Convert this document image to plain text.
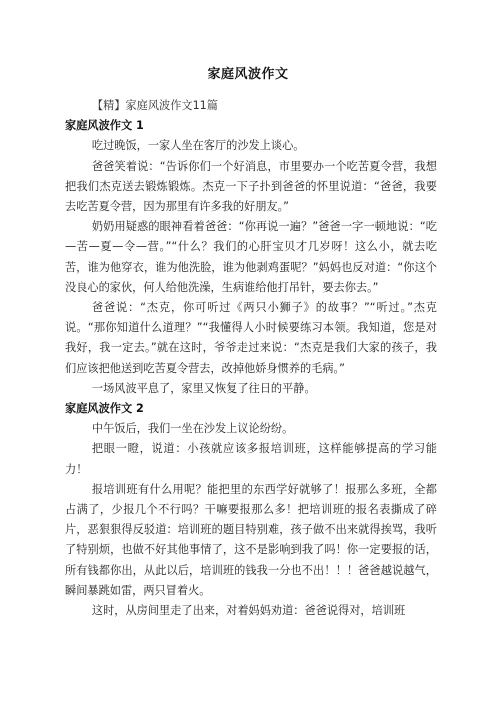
家庭风波作文

【精】家庭风波作文11篇

家庭风波作文 1

吃过晚饭，一家人坐在客厅的沙发上谈心。

爸爸笑着说：“告诉你们一个好消息，市里要办一个吃苦夏令营，我想把我们杰克送去锻炼锻炼。杰克一下子扑到爸爸的怀里说道：“爸爸，我要去吃苦夏令营，因为那里有许多我的好朋友。”

奶奶用疑惑的眼神看着爸爸：“你再说一遍？”爸爸一字一顿地说：“吃—苦—夏—令—营。”“什么？我们的心肝宝贝才几岁呀！这么小，就去吃苦，谁为他穿衣，谁为他洗脸，谁为他剥鸡蛋呢？”妈妈也反对道：“你这个没良心的家伙，何人给他洗澡，生病谁给他打吊针，要去你去。”

爸爸说：“杰克，你可听过《两只小狮子》的故事？”“听过。”杰克说。“那你知道什么道理？”“我懂得人小时候要练习本领。我知道，您是对我好，我一定去。”就在这时，爷爷走过来说：“杰克是我们大家的孩子，我们应该把他送到吃苦夏令营去，改掉他娇身惯养的毛病。”

一场风波平息了，家里又恢复了往日的平静。

家庭风波作文 2

中午饭后，我们一坐在沙发上议论纷纷。

把眼一瞪，说道：小孩就应该多报培训班，这样能够提高的学习能力！

报培训班有什么用呢？能把里的东西学好就够了！报那么多班，全都占满了，少报几个不行吗？干嘛要报那么多！把培训班的报名表撕成了碎片，恶狠狠得反驳道：培训班的题目特别难，孩子做不出来就得挨骂，我听了特别烦，也做不好其他事情了，这不是影响到我了吗！你一定要报的话，所有钱都你出，从此以后，培训班的钱我一分也不出！！！爸爸越说越气，瞬间暴跳如雷，两只冒着火。

这时，从房间里走了出来，对着妈妈劝道：爸爸说得对，培训班
